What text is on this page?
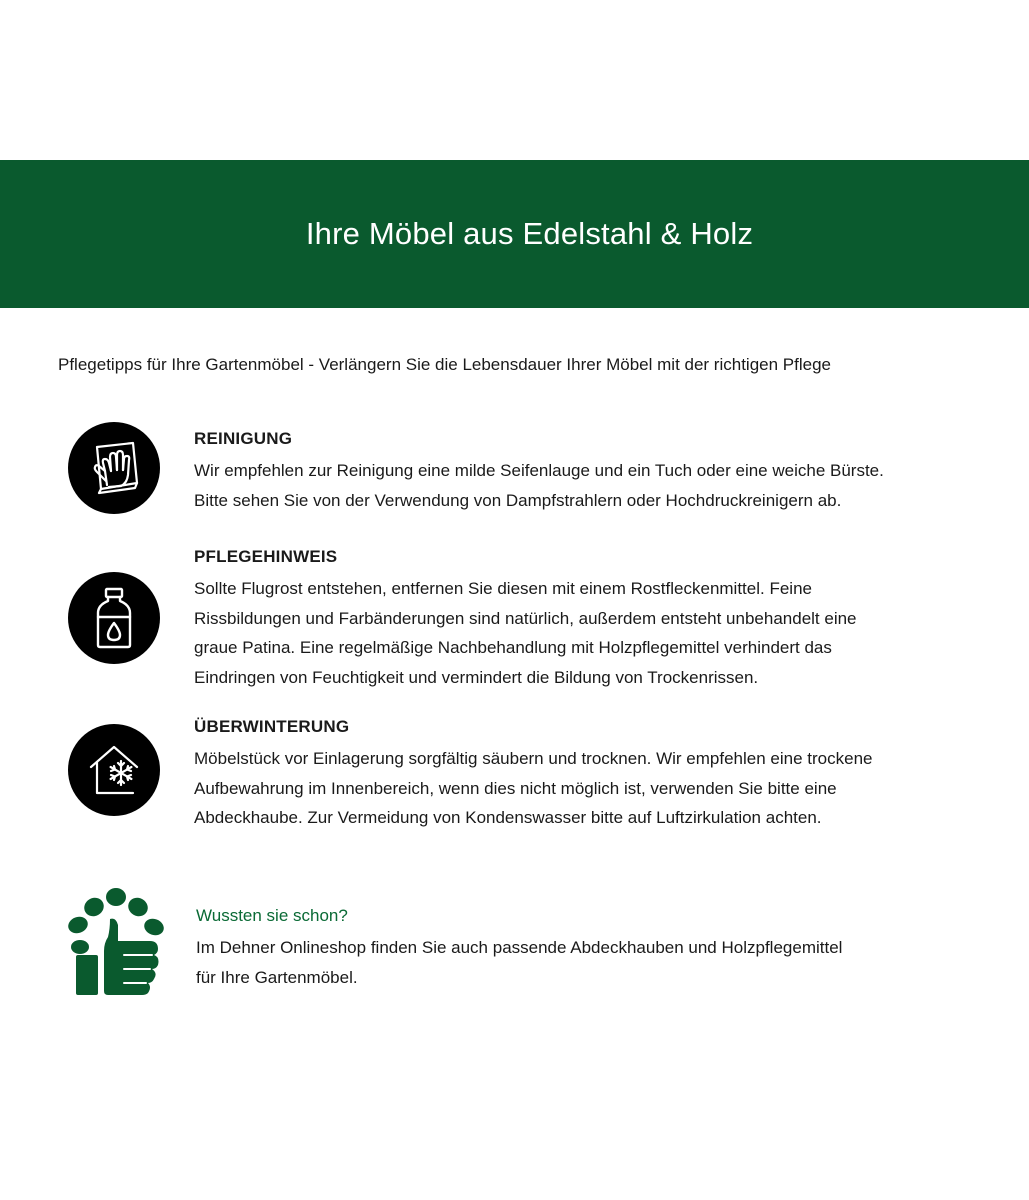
Ihre Möbel aus Edelstahl & Holz

Pflegetipps für Ihre Gartenmöbel - Verlängern Sie die Lebensdauer Ihrer Möbel mit der richtigen Pflege

REINIGUNG
Wir empfehlen zur Reinigung eine milde Seifenlauge und ein Tuch oder eine weiche Bürste.
Bitte sehen Sie von der Verwendung von Dampfstrahlern oder Hochdruckreinigern ab.
PFLEGEHINWEIS
Sollte Flugrost entstehen, entfernen Sie diesen mit einem Rostfleckenmittel. Feine
Rissbildungen und Farbänderungen sind natürlich, außerdem entsteht unbehandelt eine
graue Patina. Eine regelmäßige Nachbehandlung mit Holzpflegemittel verhindert das
Eindringen von Feuchtigkeit und vermindert die Bildung von Trockenrissen.
ÜBERWINTERUNG
Möbelstück vor Einlagerung sorgfältig säubern und trocknen. Wir empfehlen eine trockene
Aufbewahrung im Innenbereich, wenn dies nicht möglich ist, verwenden Sie bitte eine
Abdeckhaube. Zur Vermeidung von Kondenswasser bitte auf Luftzirkulation achten.
Wussten sie schon?
Im Dehner Onlineshop finden Sie auch passende Abdeckhauben und Holzpflegemittel
für Ihre Gartenmöbel.
